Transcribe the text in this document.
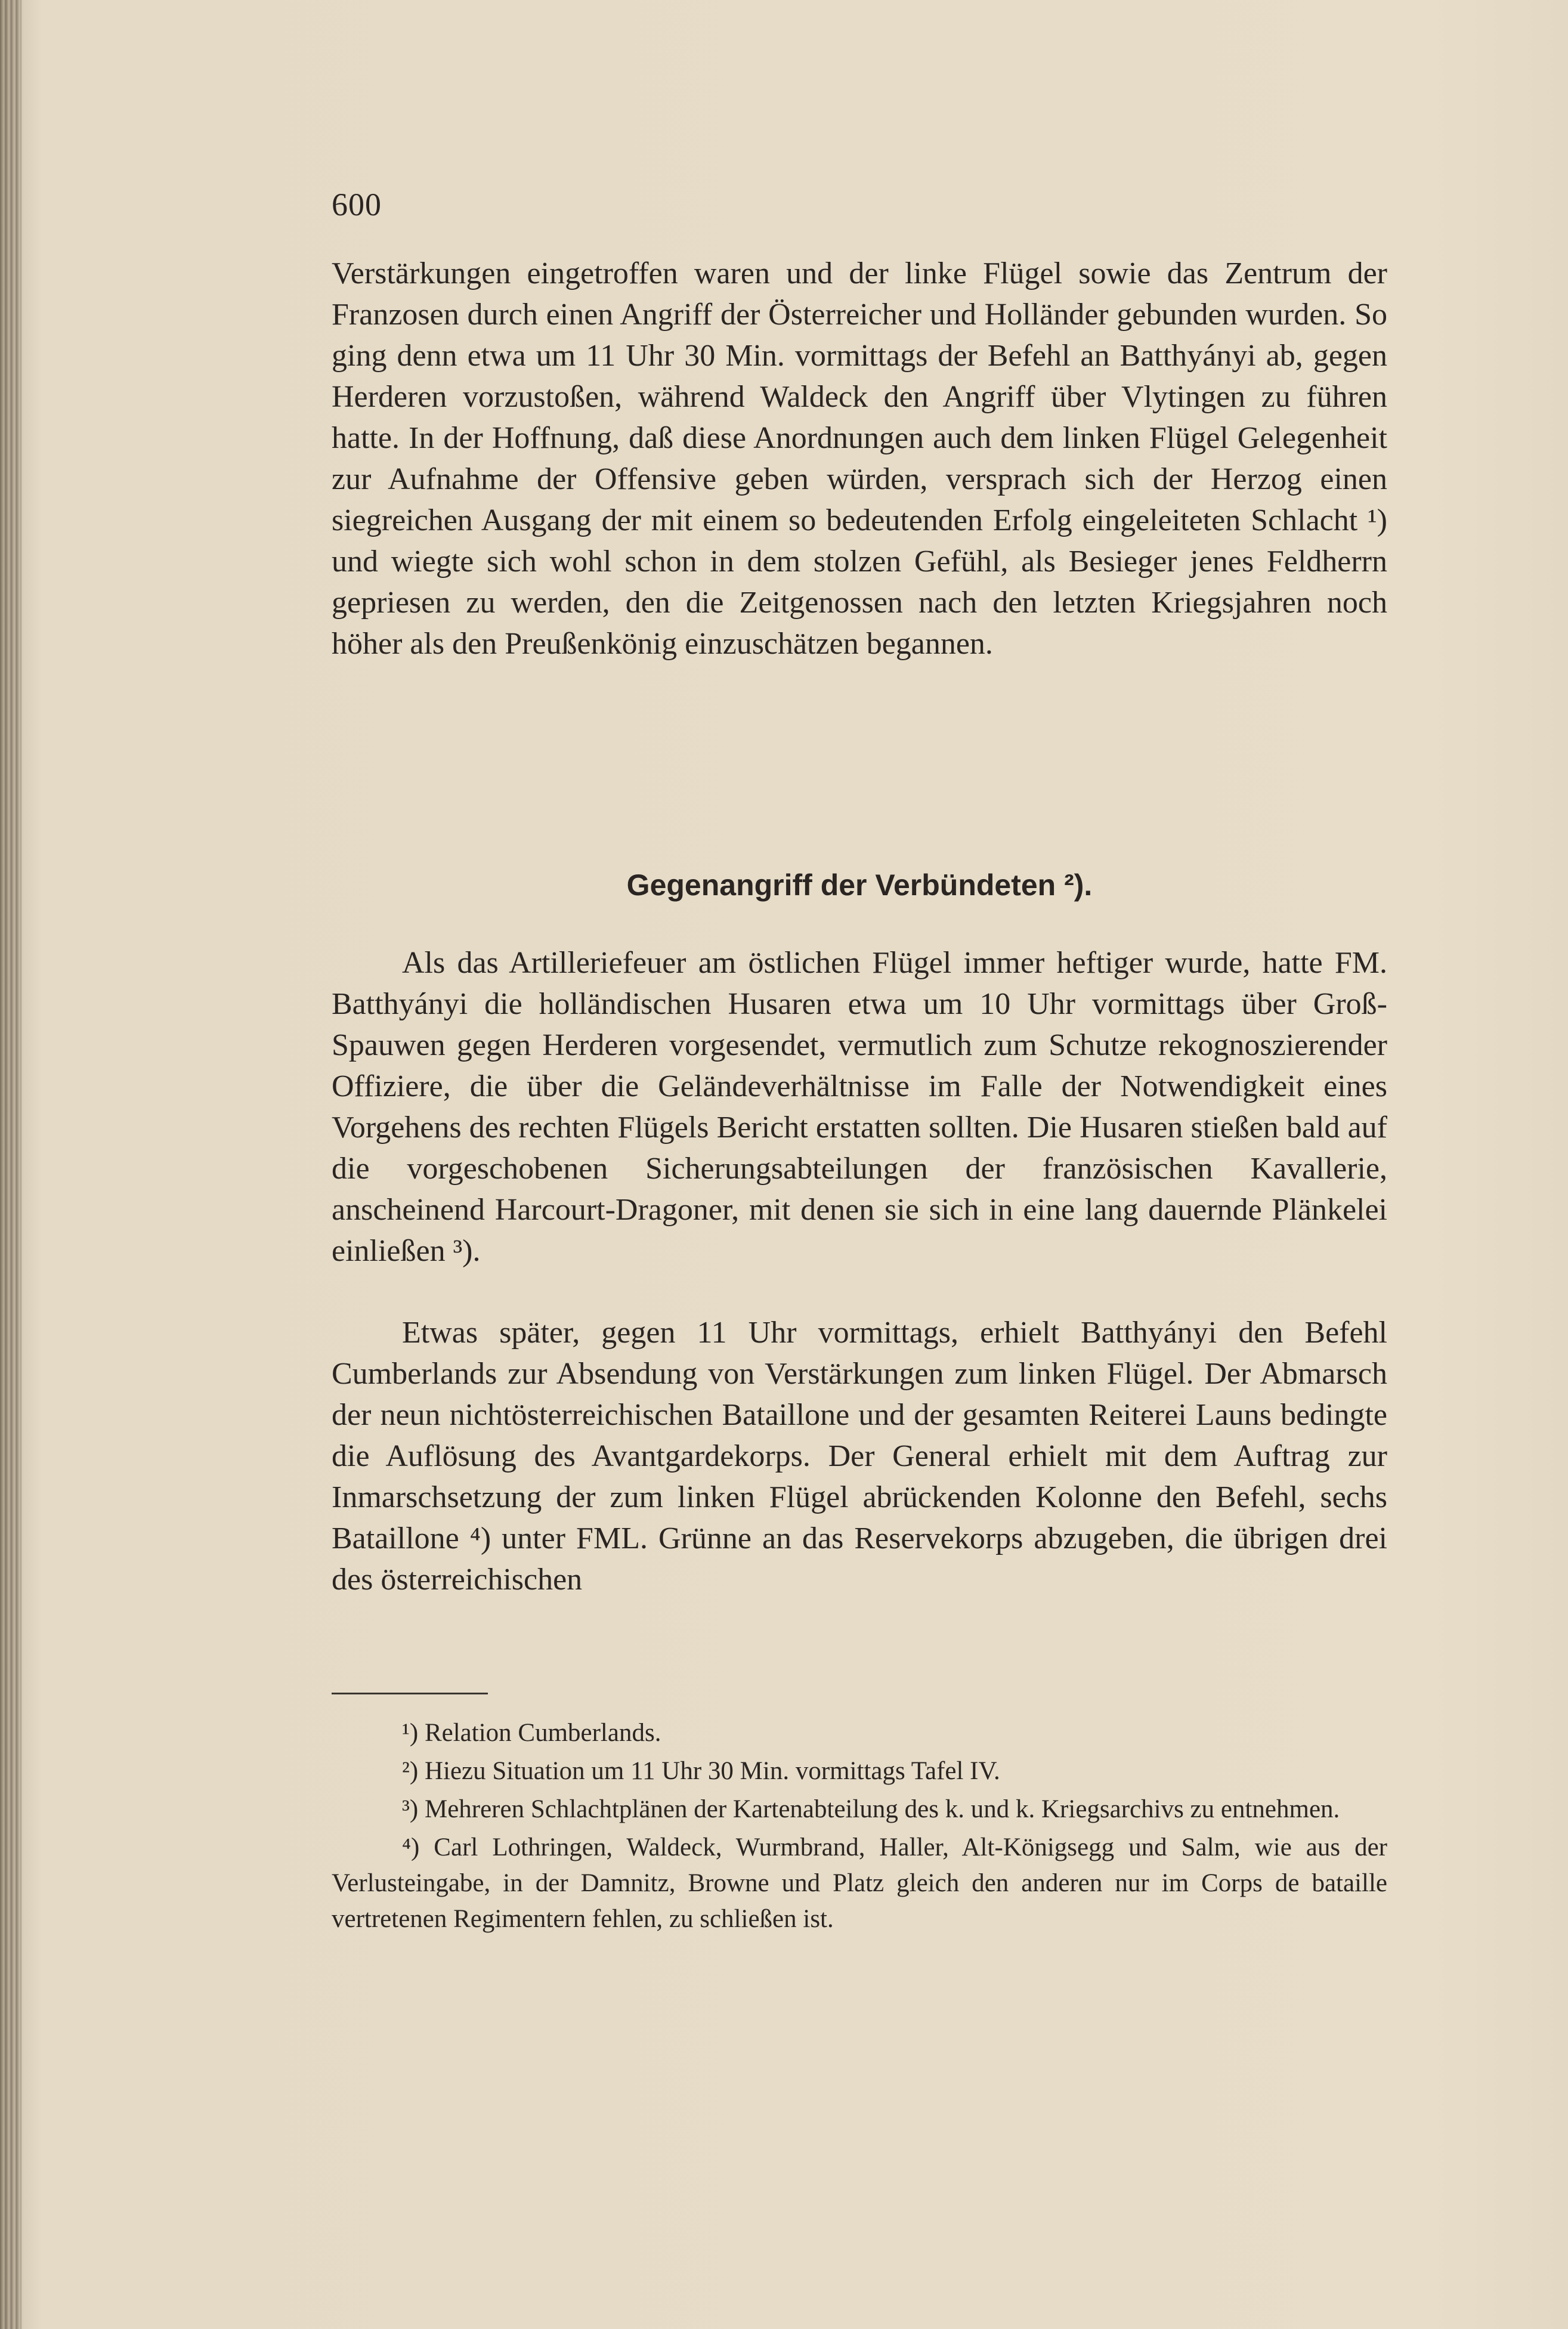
600

Verstärkungen eingetroffen waren und der linke Flügel sowie das Zentrum der Franzosen durch einen Angriff der Österreicher und Holländer gebunden wurden. So ging denn etwa um 11 Uhr 30 Min. vormittags der Befehl an Batthyányi ab, gegen Herderen vorzustoßen, während Waldeck den Angriff über Vlytingen zu führen hatte. In der Hoffnung, daß diese Anordnungen auch dem linken Flügel Gelegenheit zur Aufnahme der Offensive geben würden, versprach sich der Herzog einen siegreichen Ausgang der mit einem so bedeutenden Erfolg eingeleiteten Schlacht ¹) und wiegte sich wohl schon in dem stolzen Gefühl, als Besieger jenes Feldherrn gepriesen zu werden, den die Zeitgenossen nach den letzten Kriegsjahren noch höher als den Preußenkönig einzuschätzen begannen.

Gegenangriff der Verbündeten ²).

Als das Artilleriefeuer am östlichen Flügel immer heftiger wurde, hatte FM. Batthyányi die holländischen Husaren etwa um 10 Uhr vormittags über Groß-Spauwen gegen Herderen vorgesendet, vermutlich zum Schutze rekognoszierender Offiziere, die über die Geländeverhältnisse im Falle der Notwendigkeit eines Vorgehens des rechten Flügels Bericht erstatten sollten. Die Husaren stießen bald auf die vorgeschobenen Sicherungsabteilungen der französischen Kavallerie, anscheinend Harcourt-Dragoner, mit denen sie sich in eine lang dauernde Plänkelei einließen ³).

Etwas später, gegen 11 Uhr vormittags, erhielt Batthyányi den Befehl Cumberlands zur Absendung von Verstärkungen zum linken Flügel. Der Abmarsch der neun nichtösterreichischen Bataillone und der gesamten Reiterei Launs bedingte die Auflösung des Avantgardekorps. Der General erhielt mit dem Auftrag zur Inmarschsetzung der zum linken Flügel abrückenden Kolonne den Befehl, sechs Bataillone ⁴) unter FML. Grünne an das Reservekorps abzugeben, die übrigen drei des österreichischen

¹) Relation Cumberlands.

²) Hiezu Situation um 11 Uhr 30 Min. vormittags Tafel IV.

³) Mehreren Schlachtplänen der Kartenabteilung des k. und k. Kriegsarchivs zu entnehmen.

⁴) Carl Lothringen, Waldeck, Wurmbrand, Haller, Alt-Königsegg und Salm, wie aus der Verlusteingabe, in der Damnitz, Browne und Platz gleich den anderen nur im Corps de bataille vertretenen Regimentern fehlen, zu schließen ist.
